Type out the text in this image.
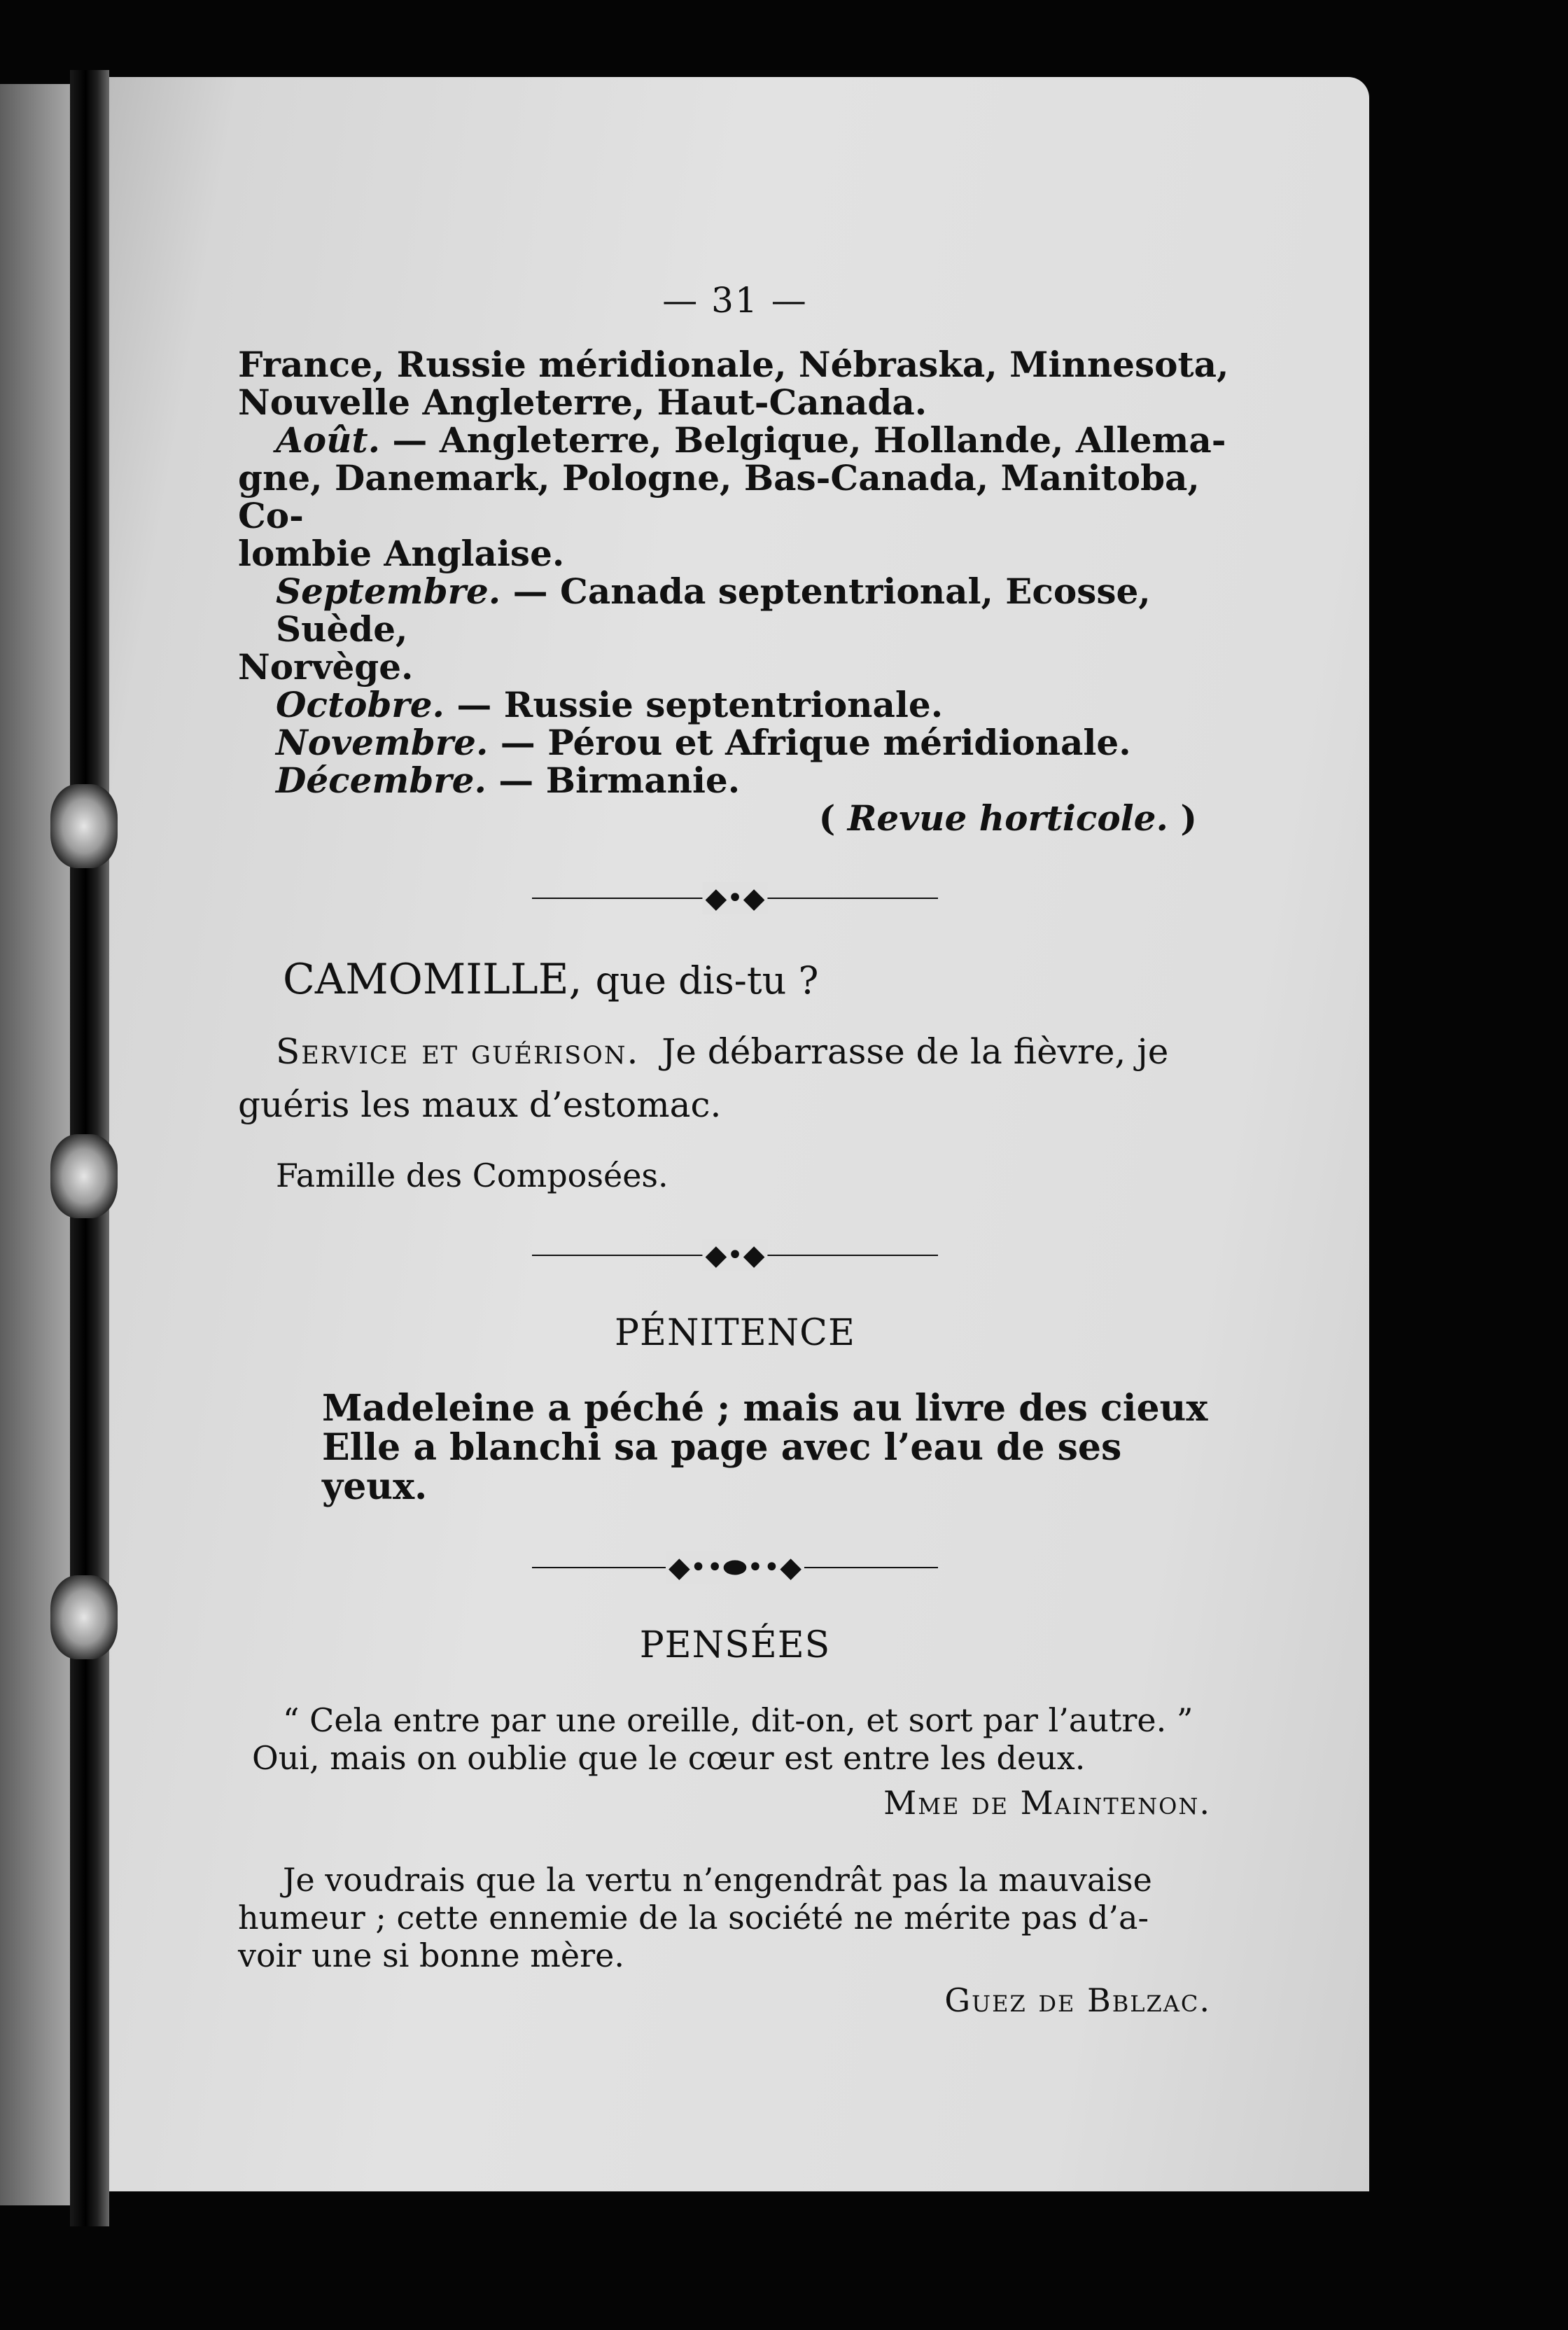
— 31 —

France, Russie méridionale, Nébraska, Minnesota,

Nouvelle Angleterre, Haut-Canada.

Août. — Angleterre, Belgique, Hollande, Allema-

gne, Danemark, Pologne, Bas-Canada, Manitoba, Co-

lombie Anglaise.

Septembre. — Canada septentrional, Ecosse, Suède,

Norvège.

Octobre. — Russie septentrionale.

Novembre. — Pérou et Afrique méridionale.

Décembre. — Birmanie.

( Revue horticole. )

◆•◆
CAMOMILLE, que dis-tu ?

Service et guérison. Je débarrasse de la fièvre, je

guéris les maux d’estomac.

Famille des Composées.

◆•◆
PÉNITENCE

Madeleine a péché ; mais au livre des cieux

Elle a blanchi sa page avec l’eau de ses yeux.

◆••⬬••◆
PENSÉES

“ Cela entre par une oreille, dit-on, et sort par l’autre. ”

Oui, mais on oublie que le cœur est entre les deux.

Mme de Maintenon.

Je voudrais que la vertu n’engendrât pas la mauvaise

humeur ; cette ennemie de la société ne mérite pas d’a-

voir une si bonne mère.

Guez de Bblzac.
